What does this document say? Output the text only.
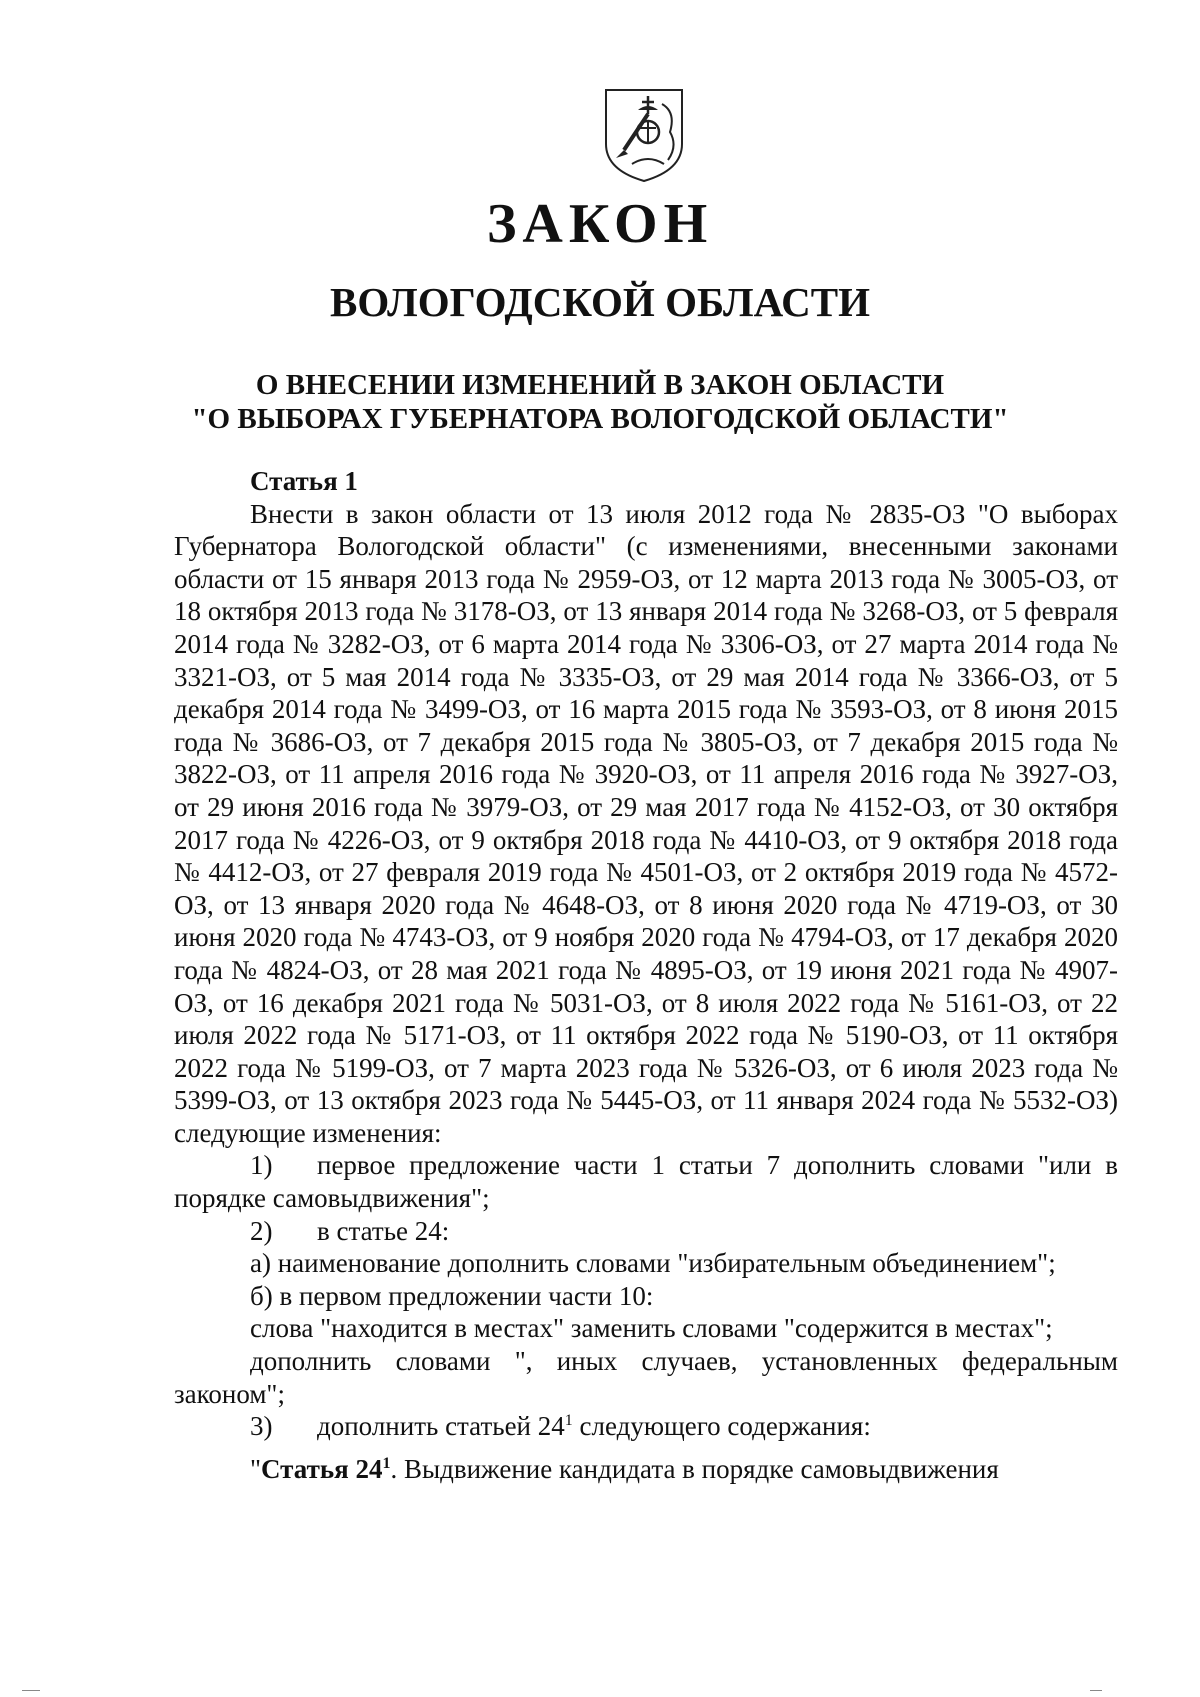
ЗАКОН
ВОЛОГОДСКОЙ ОБЛАСТИ
О ВНЕСЕНИИ ИЗМЕНЕНИЙ В ЗАКОН ОБЛАСТИ
"О ВЫБОРАХ ГУБЕРНАТОРА ВОЛОГОДСКОЙ ОБЛАСТИ"

Статья 1

Внести в закон области от 13 июля 2012 года № 2835-ОЗ "О выборах Губернатора Вологодской области" (с изменениями, внесенными законами области от 15 января 2013 года № 2959-ОЗ, от 12 марта 2013 года № 3005-ОЗ, от 18 октября 2013 года № 3178-ОЗ, от 13 января 2014 года № 3268-ОЗ, от 5 февраля 2014 года № 3282-ОЗ, от 6 марта 2014 года № 3306-ОЗ, от 27 марта 2014 года № 3321-ОЗ, от 5 мая 2014 года № 3335-ОЗ, от 29 мая 2014 года № 3366-ОЗ, от 5 декабря 2014 года № 3499-ОЗ, от 16 марта 2015 года № 3593-ОЗ, от 8 июня 2015 года № 3686-ОЗ, от 7 декабря 2015 года № 3805-ОЗ, от 7 декабря 2015 года № 3822-ОЗ, от 11 апреля 2016 года № 3920-ОЗ, от 11 апреля 2016 года № 3927-ОЗ, от 29 июня 2016 года № 3979-ОЗ, от 29 мая 2017 года № 4152-ОЗ, от 30 октября 2017 года № 4226-ОЗ, от 9 октября 2018 года № 4410-ОЗ, от 9 октября 2018 года № 4412-ОЗ, от 27 февраля 2019 года № 4501-ОЗ, от 2 октября 2019 года № 4572-ОЗ, от 13 января 2020 года № 4648-ОЗ, от 8 июня 2020 года № 4719-ОЗ, от 30 июня 2020 года № 4743-ОЗ, от 9 ноября 2020 года № 4794-ОЗ, от 17 декабря 2020 года № 4824-ОЗ, от 28 мая 2021 года № 4895-ОЗ, от 19 июня 2021 года № 4907-ОЗ, от 16 декабря 2021 года № 5031-ОЗ, от 8 июля 2022 года № 5161-ОЗ, от 22 июля 2022 года № 5171-ОЗ, от 11 октября 2022 года № 5190-ОЗ, от 11 октября 2022 года № 5199-ОЗ, от 7 марта 2023 года № 5326-ОЗ, от 6 июля 2023 года № 5399-ОЗ, от 13 октября 2023 года № 5445-ОЗ, от 11 января 2024 года № 5532-ОЗ) следующие изменения:

1) первое предложение части 1 статьи 7 дополнить словами "или в порядке самовыдвижения";

2) в статье 24:

а) наименование дополнить словами "избирательным объединением";

б) в первом предложении части 10:

слова "находится в местах" заменить словами "содержится в местах";

дополнить словами ", иных случаев, установленных федеральным законом";

3) дополнить статьей $24^1$ следующего содержания:

"Статья $24^1$. Выдвижение кандидата в порядке самовыдвижения
